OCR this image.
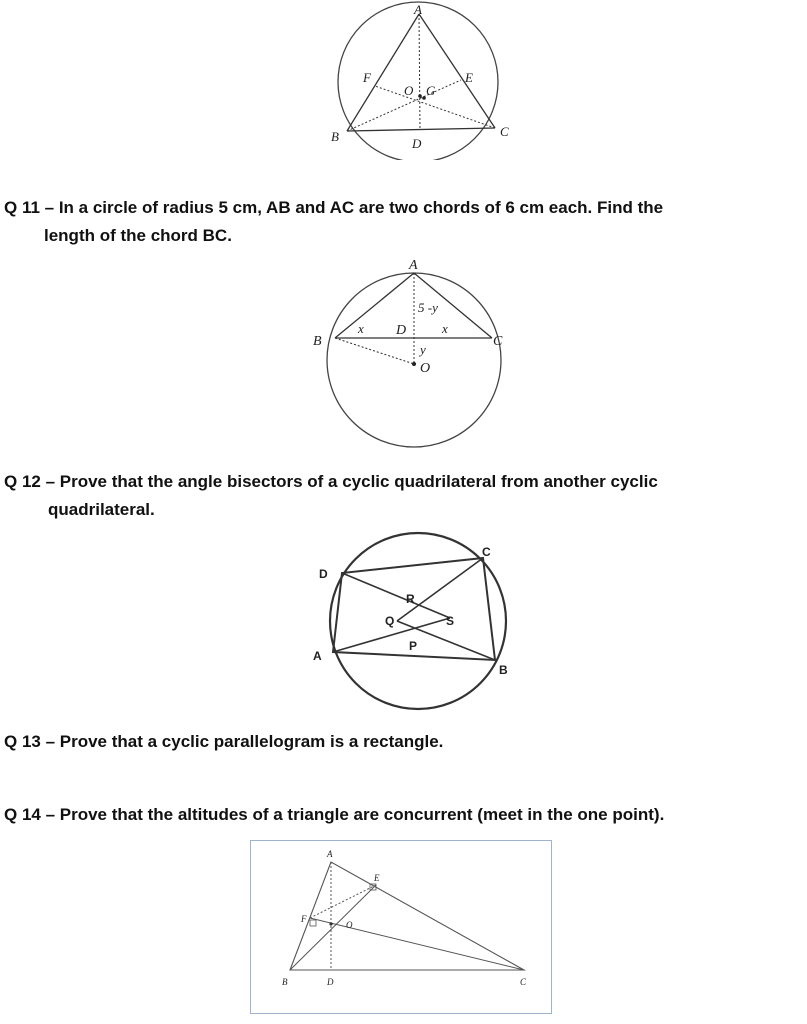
A
F
O G
E
B	D
C
Q 11 – In a circle of radius 5 cm, AB and AC are two chords of 6 cm each. Find the
length of the chord BC.
A
5 -y
B
x D	x
C
y
O
Q 12 – Prove that the angle bisectors of a cyclic quadrilateral from another cyclic
quadrilateral.
D
C
R
Q	S
P
A
B
Q 13 – Prove that a cyclic parallelogram is a rectangle.
Q 14 – Prove that the altitudes of a triangle are concurrent (meet in the one point).
A
E
F
O
B	D	C
